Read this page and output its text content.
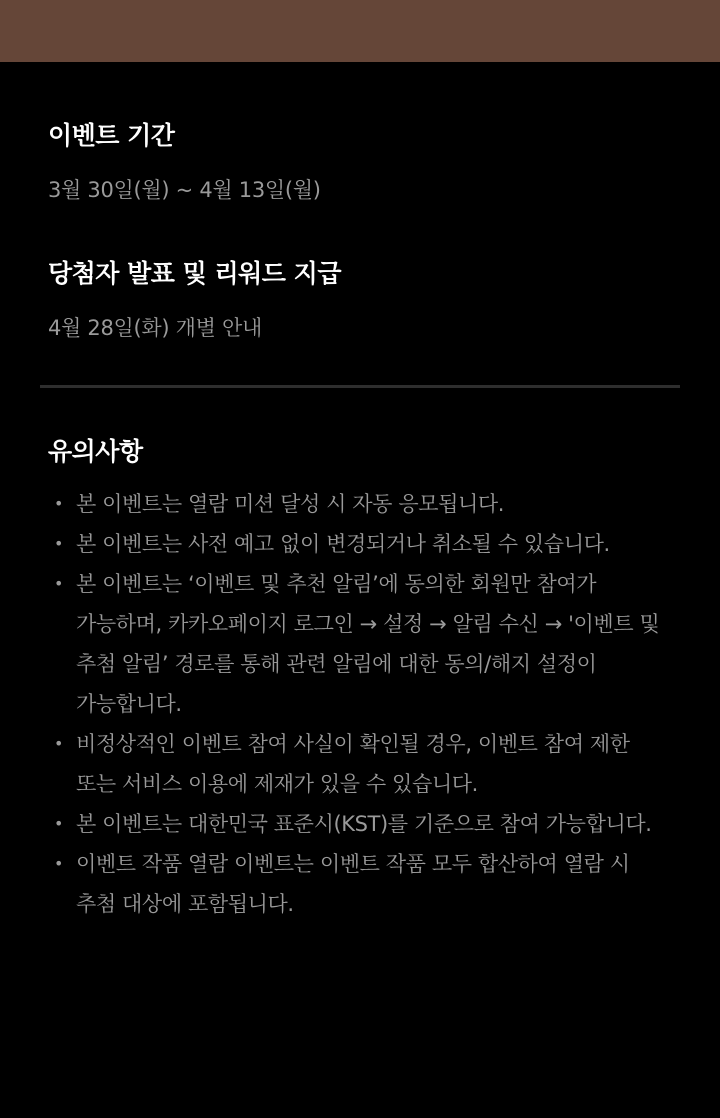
이벤트 기간
3월 30일(월) ~ 4월 13일(월)
당첨자 발표 및 리워드 지급
4월 28일(화) 개별 안내
유의사항
• 본 이벤트는 열람 미션 달성 시 자동 응모됩니다.
• 본 이벤트는 사전 예고 없이 변경되거나 취소될 수 있습니다.
• 본 이벤트는 ‘이벤트 및 추천 알림’에 동의한 회원만 참여가 가능하며, 카카오페이지 로그인 → 설정 → 알림 수신 → '이벤트 및 추첨 알림’ 경로를 통해 관련 알림에 대한 동의/해지 설정이 가능합니다.
• 비정상적인 이벤트 참여 사실이 확인될 경우, 이벤트 참여 제한 또는 서비스 이용에 제재가 있을 수 있습니다.
• 본 이벤트는 대한민국 표준시(KST)를 기준으로 참여 가능합니다.
• 이벤트 작품 열람 이벤트는 이벤트 작품 모두 합산하여 열람 시 추첨 대상에 포함됩니다.
